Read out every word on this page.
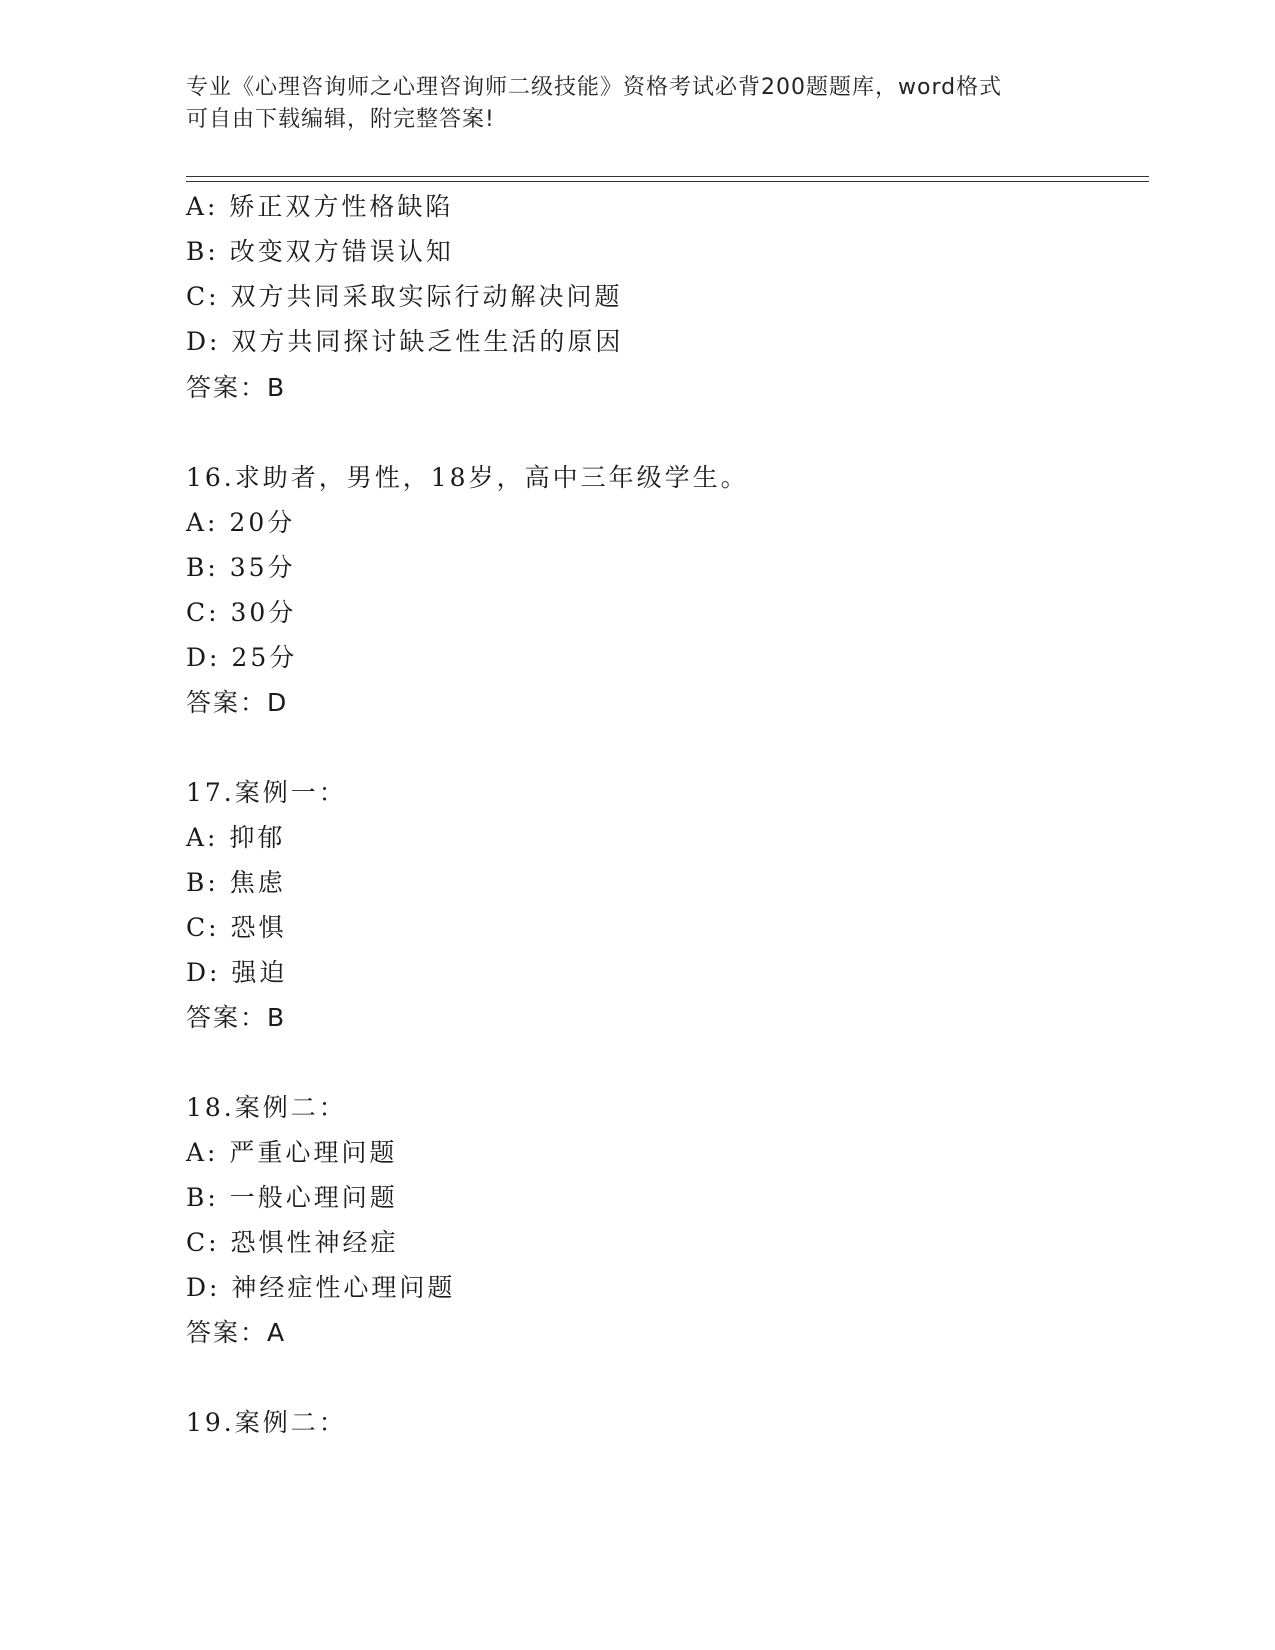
专业《心理咨询师之心理咨询师二级技能》资格考试必背200题题库，word格式
可自由下载编辑，附完整答案!
A: 矫正双方性格缺陷
B: 改变双方错误认知
C: 双方共同采取实际行动解决问题
D: 双方共同探讨缺乏性生活的原因
答案：B
16.求助者，男性，18岁，高中三年级学生。
A: 20分
B: 35分
C: 30分
D: 25分
答案：D
17.案例一：
A: 抑郁
B: 焦虑
C: 恐惧
D: 强迫
答案：B
18.案例二：
A: 严重心理问题
B: 一般心理问题
C: 恐惧性神经症
D: 神经症性心理问题
答案：A
19.案例二：
